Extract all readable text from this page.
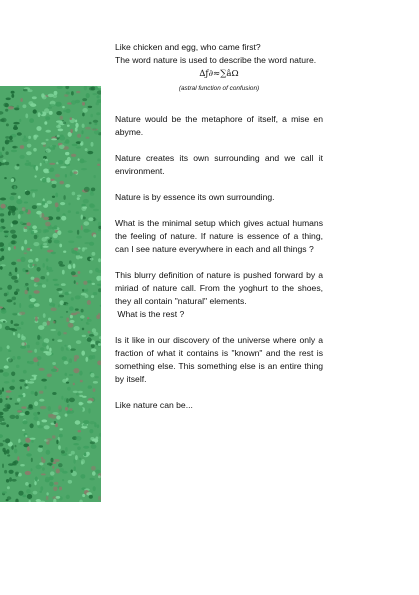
Like chicken and egg, who came first?

The word nature is used to describe the word nature.

∆ƒ∂≈∑âΩ
(astral function of confusion)

Nature would be the metaphore of itself, a mise en abyme.

Nature creates its own surrounding and we call it environment.

Nature is by essence its own surrounding.

What is the minimal setup which gives actual humans the feeling of nature. If nature is essence of a thing, can I see nature everywhere in each and all things ?

This blurry definition of nature is pushed forward by a miriad of nature call. From the yoghurt to the shoes, they all contain "natural" elements.

What is the rest ?

Is it like in our discovery of the universe where only a fraction of what it contains is "known" and the rest is something else. This something else is an entire thing by itself.

Like nature can be...
